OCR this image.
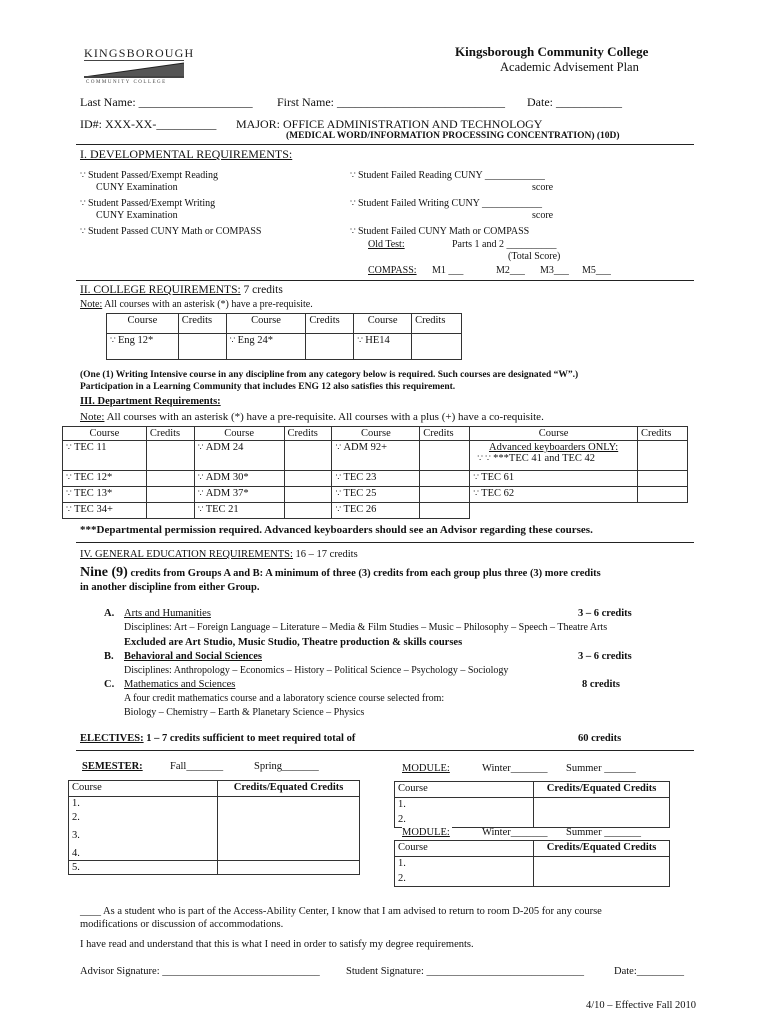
KINGSBOROUGH
COMMUNITY COLLEGE
Kingsborough Community College
Academic Advisement Plan
Last Name: ___________________ First Name: ____________________________ Date: ___________
ID#: XXX-XX-__________ MAJOR: OFFICE ADMINISTRATION AND TECHNOLOGY
(MEDICAL WORD/INFORMATION PROCESSING CONCENTRATION) (10D)
I. DEVELOPMENTAL REQUIREMENTS:
∵ Student Passed/Exempt Reading
CUNY Examination
∵ Student Passed/Exempt Writing
CUNY Examination
∵ Student Passed CUNY Math or COMPASS
∵ Student Failed Reading CUNY ____________
score
∵ Student Failed Writing CUNY ____________
score
∵ Student Failed CUNY Math or COMPASS
Old Test:	Parts 1 and 2 __________
(Total Score)
COMPASS: M1 ___	M2___ M3___ M5___
II. COLLEGE REQUIREMENTS: 7 credits
Note: All courses with an asterisk (*) have a pre-requisite.
Course	Credits	Course	Credits	Course	Credits
∵ Eng 12*		∵ Eng 24*		∵ HE14	
(One (1) Writing Intensive course in any discipline from any category below is required. Such courses are designated “W”.)
Participation in a Learning Community that includes ENG 12 also satisfies this requirement.
III. Department Requirements:
Note: All courses with an asterisk (*) have a pre-requisite. All courses with a plus (+) have a co-requisite.
Course	Credits	Course	Credits	Course	Credits	Course	Credits
∵ TEC 11		∵ ADM 24		∵ ADM 92+		Advanced keyboarders ONLY:
∵ ∵ ***TEC 41 and TEC 42

∵ TEC 12*		∵ ADM 30*		∵ TEC 23		∵ TEC 61	
∵ TEC 13*		∵ ADM 37*		∵ TEC 25		∵ TEC 62	
∵ TEC 34+		∵ TEC 21		∵ TEC 26			
***Departmental permission required. Advanced keyboarders should see an Advisor regarding these courses.
IV. GENERAL EDUCATION REQUIREMENTS: 16 – 17 credits
Nine (9) credits from Groups A and B: A minimum of three (3) credits from each group plus three (3) more credits
in another discipline from either Group.
A. Arts and Humanities	3 – 6 credits
Disciplines: Art – Foreign Language – Literature – Media & Film Studies – Music – Philosophy – Speech – Theatre Arts
Excluded are Art Studio, Music Studio, Theatre production & skills courses
B. Behavioral and Social Sciences	3 – 6 credits
Disciplines: Anthropology – Economics – History – Political Science – Psychology – Sociology
C. Mathematics and Sciences	8 credits
A four credit mathematics course and a laboratory science course selected from:
Biology – Chemistry – Earth & Planetary Science – Physics
ELECTIVES: 1 – 7 credits sufficient to meet required total of	60 credits
SEMESTER:	Fall_______	Spring_______
Course	Credits/Equated Credits
1.	
2.	
3.	
4.	
5.	
MODULE:	Winter_______ Summer ______
Course	Credits/Equated Credits
1.	
2.	
MODULE:	Winter_______ Summer _______
Course	Credits/Equated Credits
1.	
2.	
____ As a student who is part of the Access-Ability Center, I know that I am advised to return to room D-205 for any course
modifications or discussion of accommodations.
I have read and understand that this is what I need in order to satisfy my degree requirements.
Advisor Signature: ______________________________	Student Signature: ______________________________	Date:_________
4/10 – Effective Fall 2010
